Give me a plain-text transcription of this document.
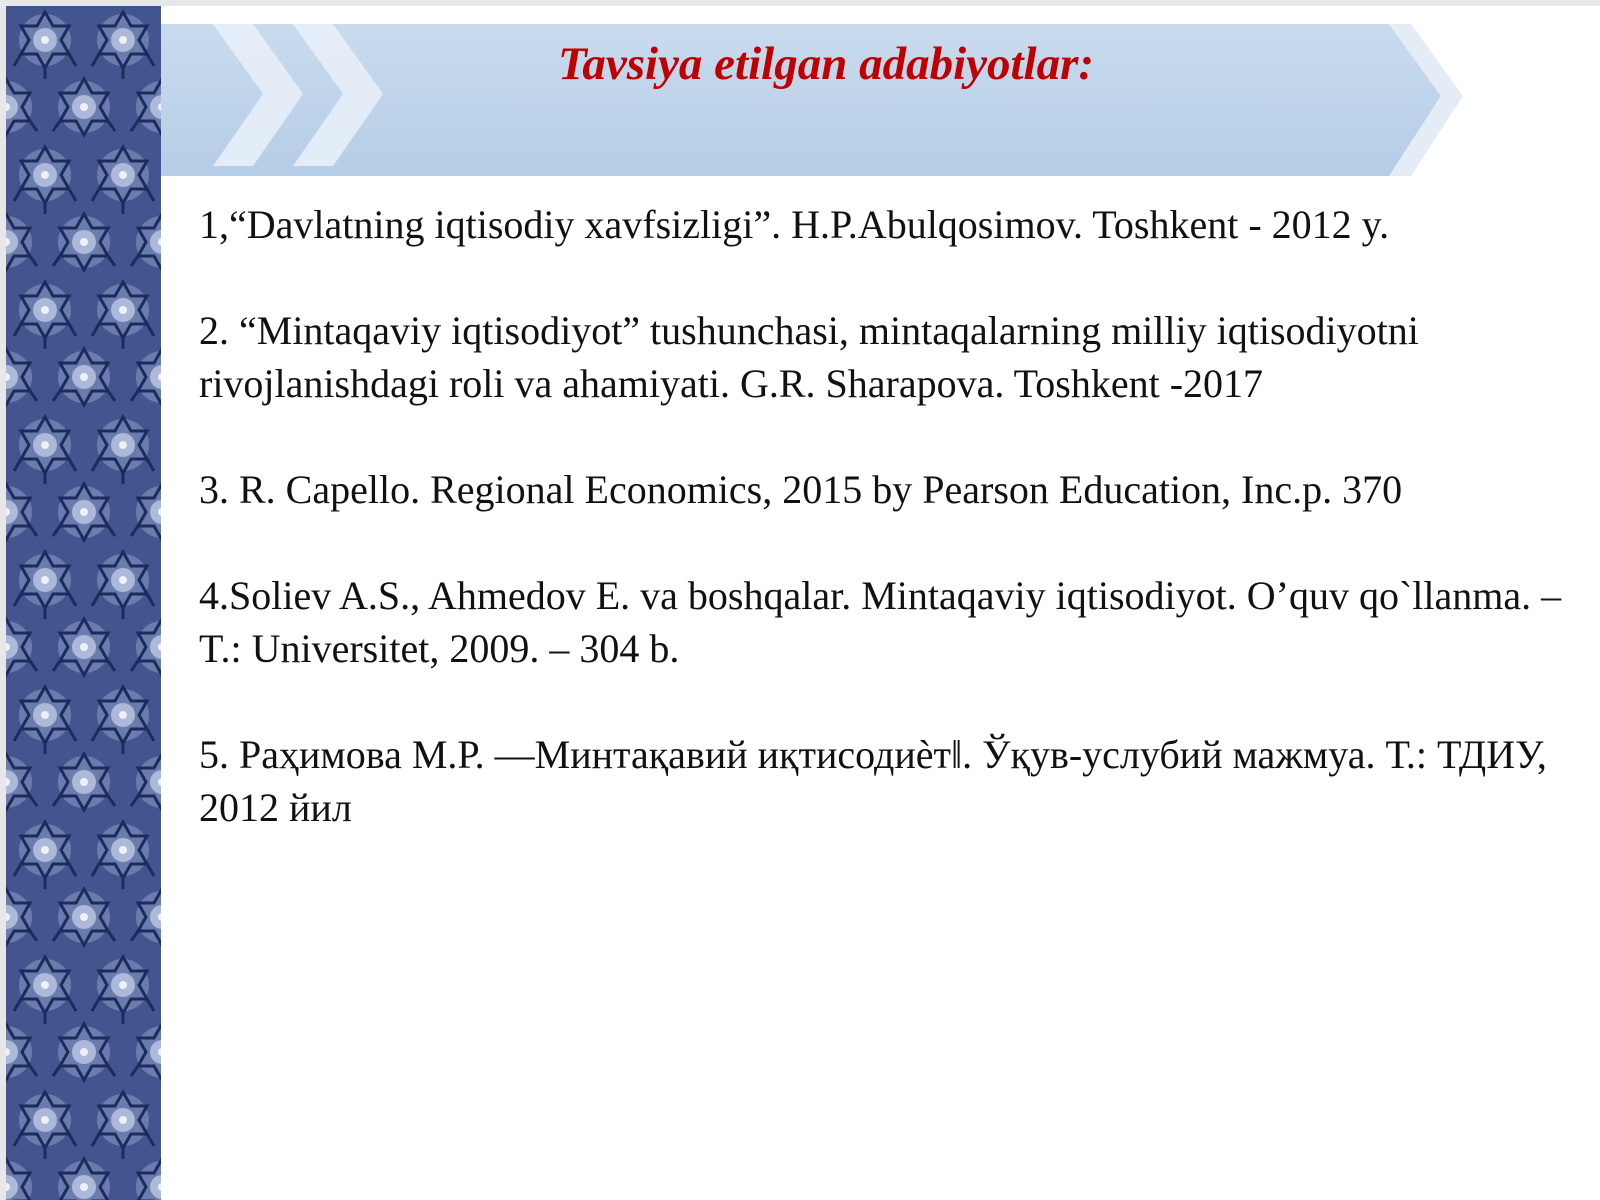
Tavsiya etilgan adabiyotlar:
1,“Davlatning iqtisodiy xavfsizligi”. H.P.Abulqosimov. Toshkent - 2012 y.
2. “Mintaqaviy iqtisodiyot” tushunchasi, mintaqalarning milliy iqtisodiyotni rivojlanishdagi roli va ahamiyati. G.R. Sharapova. Toshkent -2017
3. R. Capello. Regional Economics, 2015 by Pearson Education, Inc.p. 370
4.Soliev A.S., Ahmedov E. va boshqalar. Mintaqaviy iqtisodiyot. O’quv qo`llanma. – T.: Universitet, 2009. – 304 b.
5. Раҳимова М.Р. ―Минтақавий иқтисодиѐт‖. Ўқув-услубий мажмуа. Т.: ТДИУ, 2012 йил
